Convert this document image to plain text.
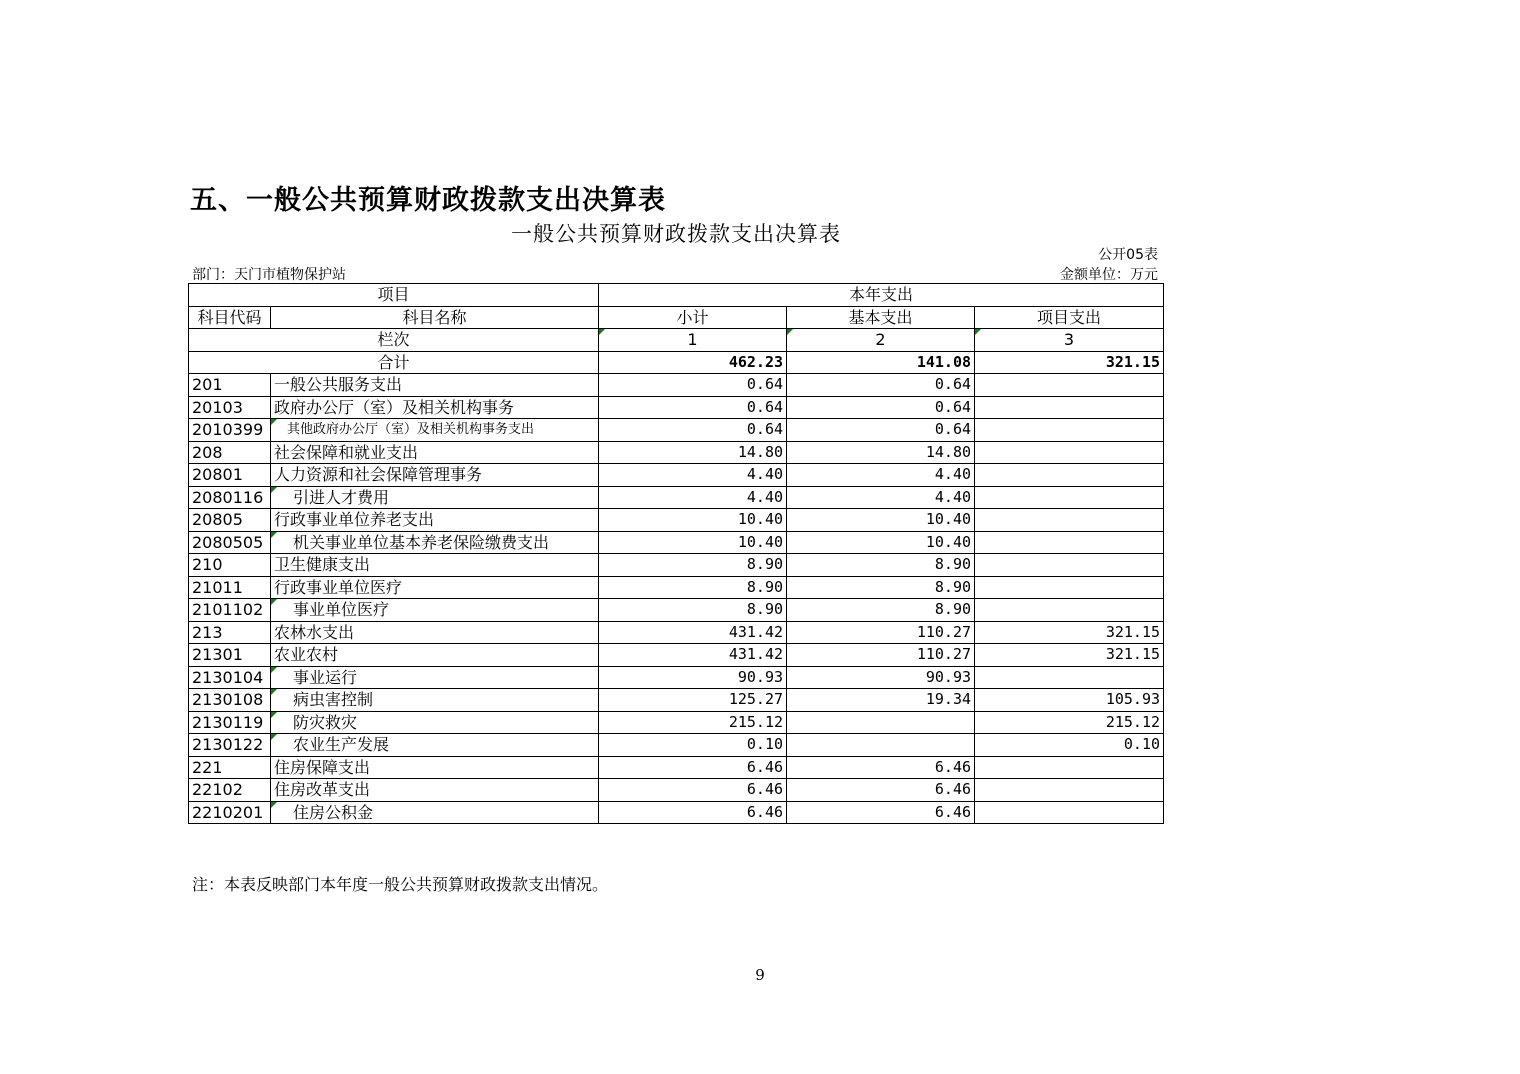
五、一般公共预算财政拨款支出决算表
一般公共预算财政拨款支出决算表
公开05表
部门：天门市植物保护站	金额单位：万元
项目		本年支出		
科目代码	科目名称	小计	基本支出	项目支出
栏次		1	2	3
合计		462.23	141.08	321.15
201	一般公共服务支出	0.64	0.64	
20103	政府办公厅（室）及相关机构事务	0.64	0.64	
2010399	其他政府办公厅（室）及相关机构事务支出	0.64	0.64	
208	社会保障和就业支出	14.80	14.80	
20801	人力资源和社会保障管理事务	4.40	4.40	
2080116	引进人才费用	4.40	4.40	
20805	行政事业单位养老支出	10.40	10.40	
2080505	机关事业单位基本养老保险缴费支出	10.40	10.40	
210	卫生健康支出	8.90	8.90	
21011	行政事业单位医疗	8.90	8.90	
2101102	事业单位医疗	8.90	8.90	
213	农林水支出	431.42	110.27	321.15
21301	农业农村	431.42	110.27	321.15
2130104	事业运行	90.93	90.93	
2130108	病虫害控制	125.27	19.34	105.93
2130119	防灾救灾	215.12		215.12
2130122	农业生产发展	0.10		0.10
221	住房保障支出	6.46	6.46	
22102	住房改革支出	6.46	6.46	
2210201	住房公积金	6.46	6.46	
注：本表反映部门本年度一般公共预算财政拨款支出情况。
9
